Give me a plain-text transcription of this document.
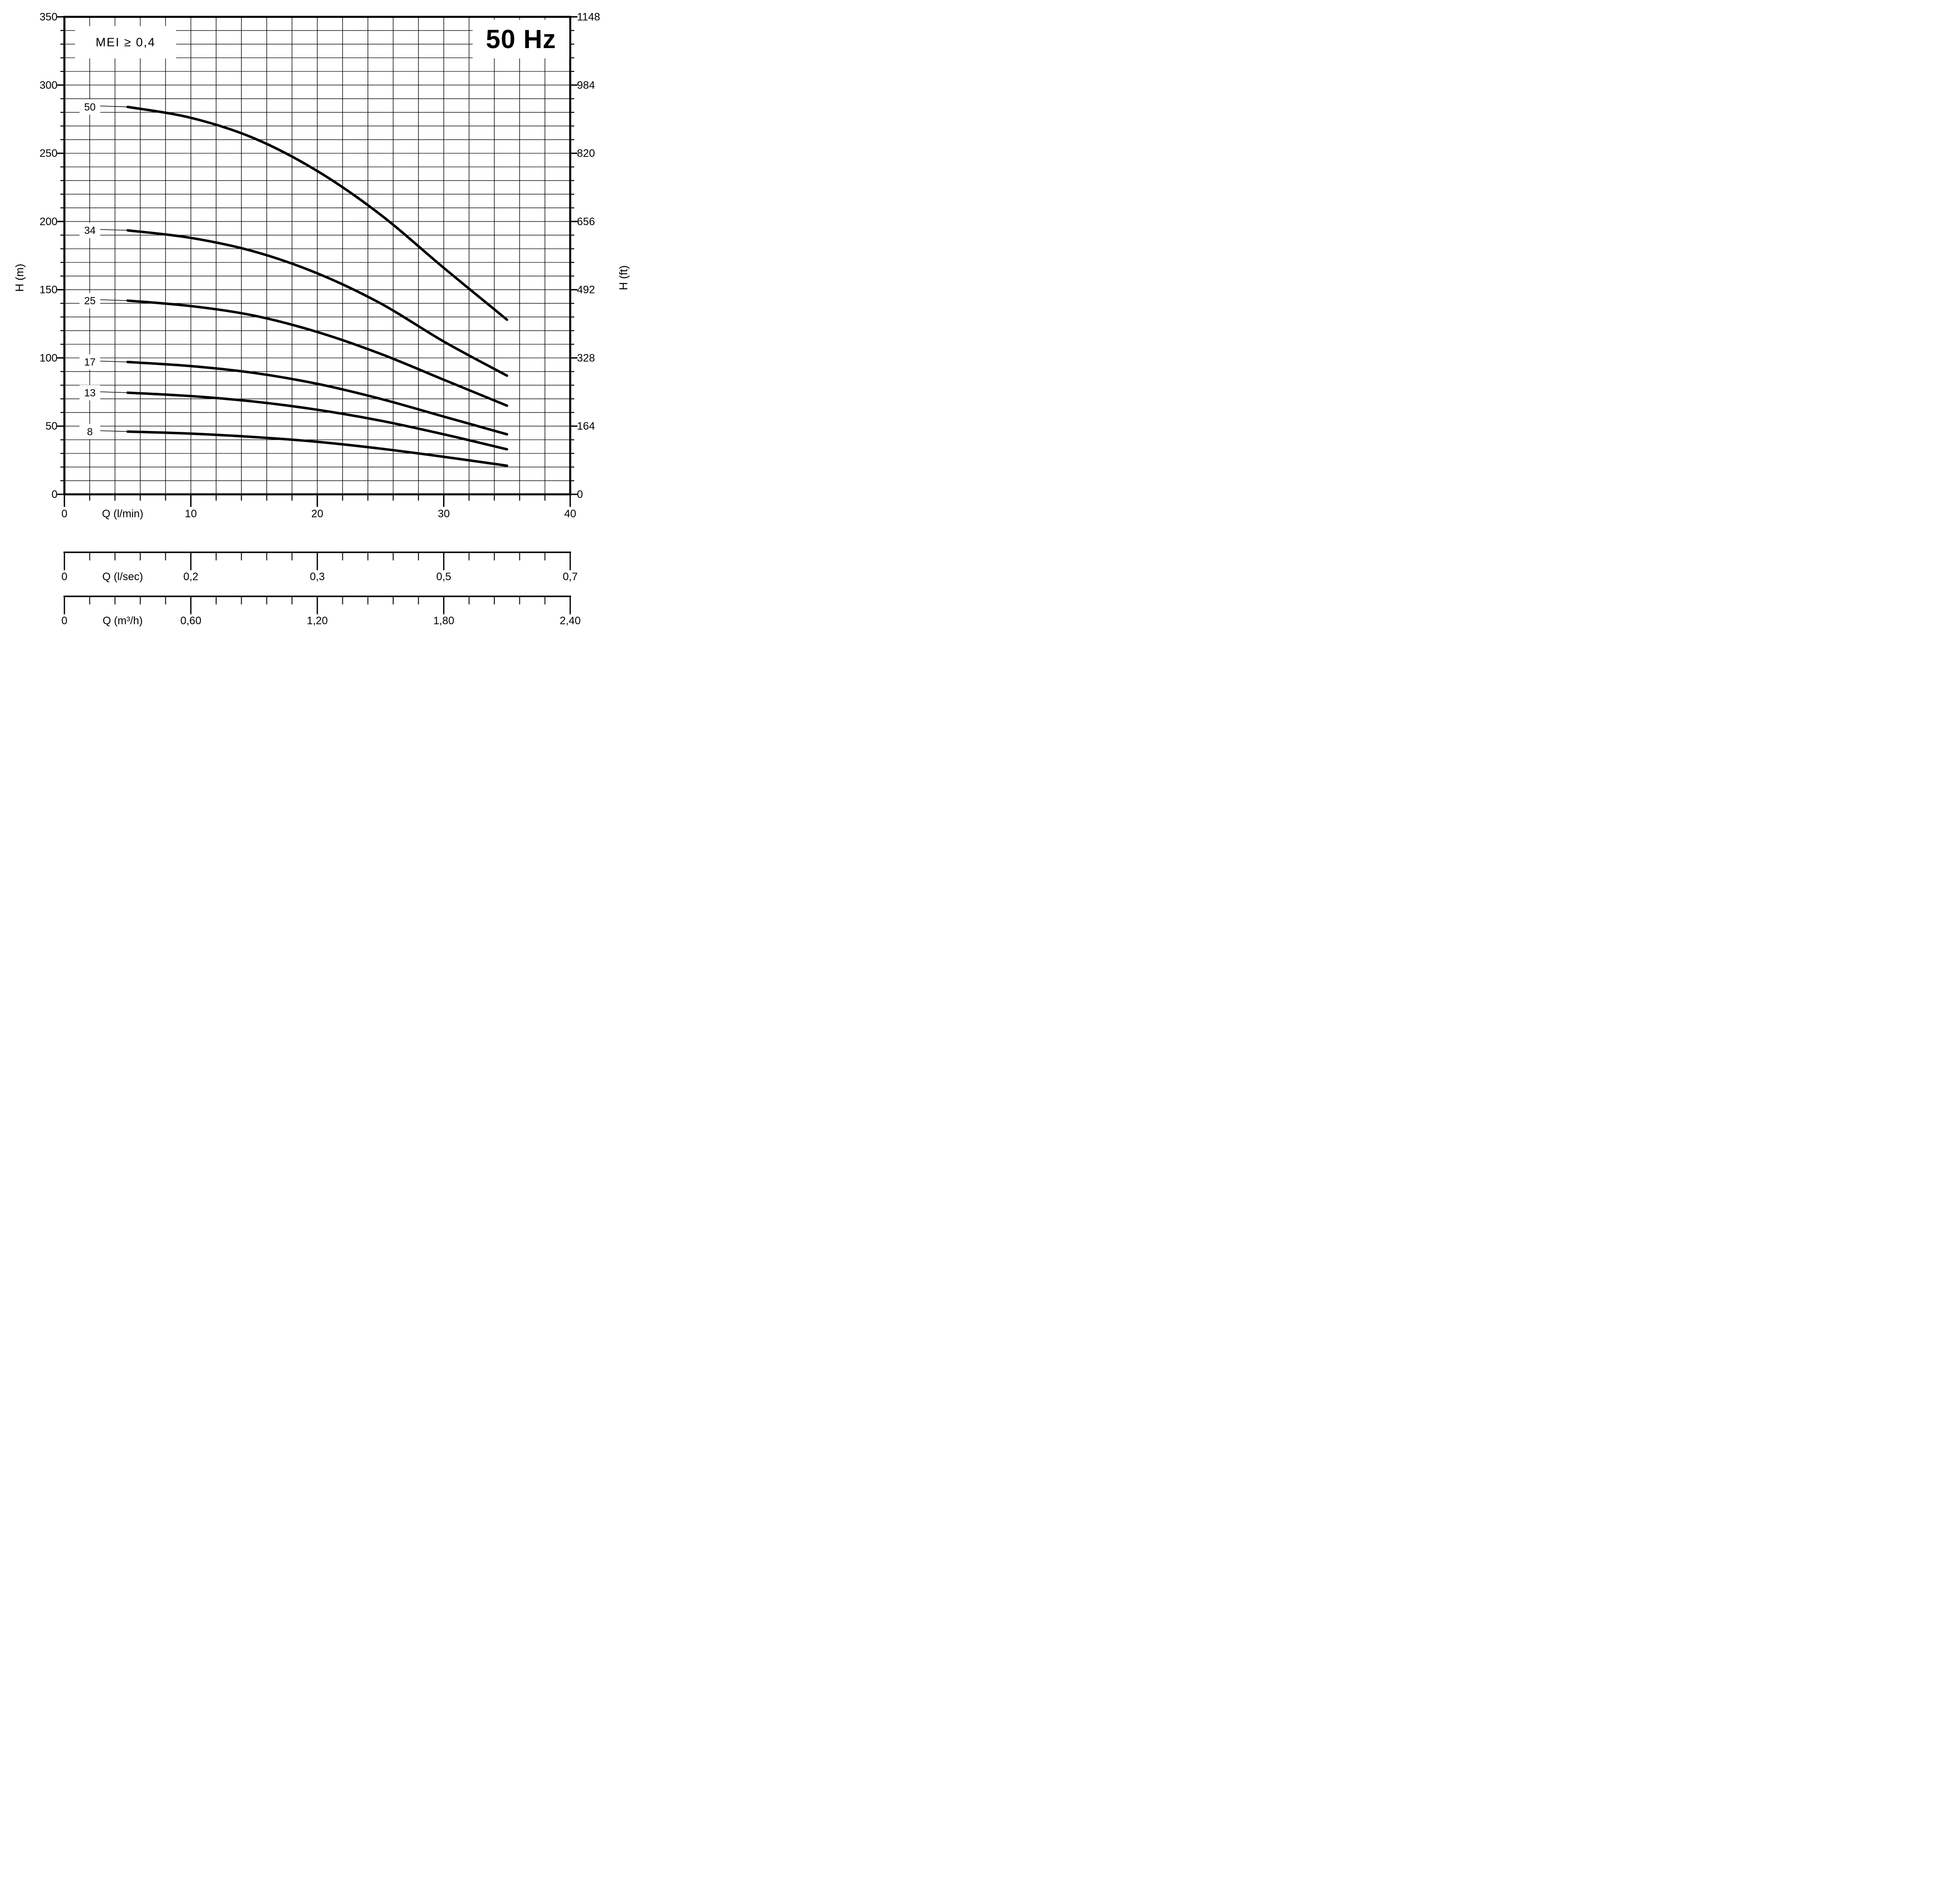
50
34
25
17
13
8
0
50
100
150
200
250
300
350
0
164
328
492
656
820
984
1148
0	10	20	30	40
Q (l/min)
H (m)	H (ft)
0	0,2	0,3	0,5	0,7
Q (l/sec)
0	0,60	1,20	1,80	2,40
Q (m³/h)
MEI ≥ 0,4	50 Hz
